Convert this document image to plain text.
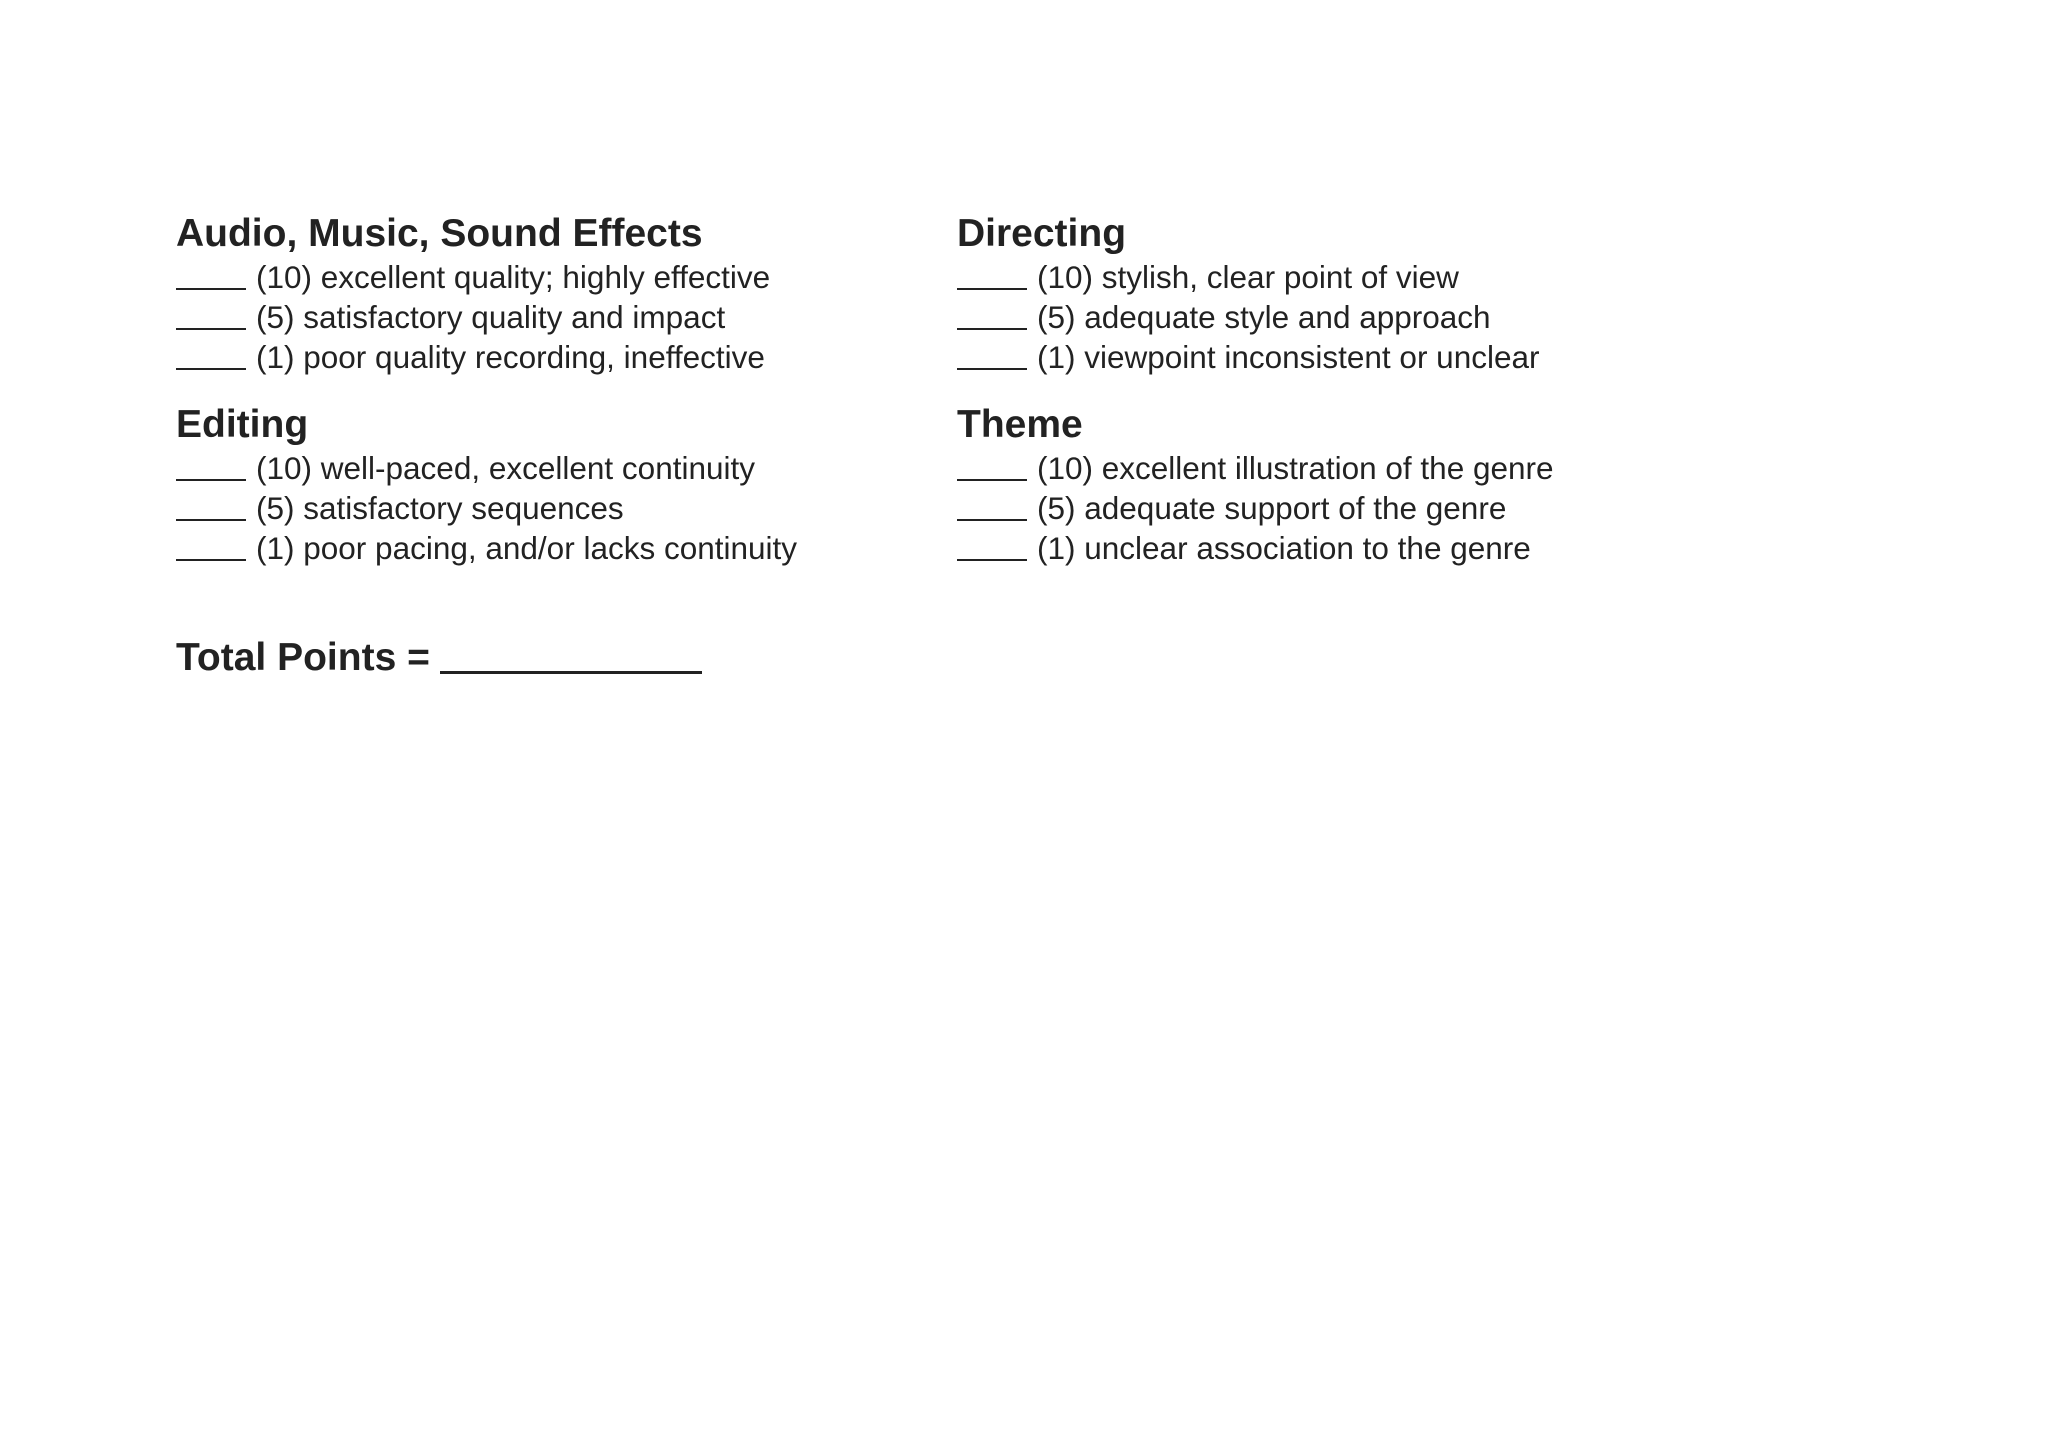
Audio, Music, Sound Effects
(10) excellent quality; highly effective
(5) satisfactory quality and impact
(1) poor quality recording, ineffective
Directing
(10) stylish, clear point of view
(5) adequate style and approach
(1) viewpoint inconsistent or unclear
Editing
(10) well-paced, excellent continuity
(5) satisfactory sequences
(1) poor pacing, and/or lacks continuity
Theme
(10) excellent illustration of the genre
(5) adequate support of the genre
(1) unclear association to the genre
Total Points =
